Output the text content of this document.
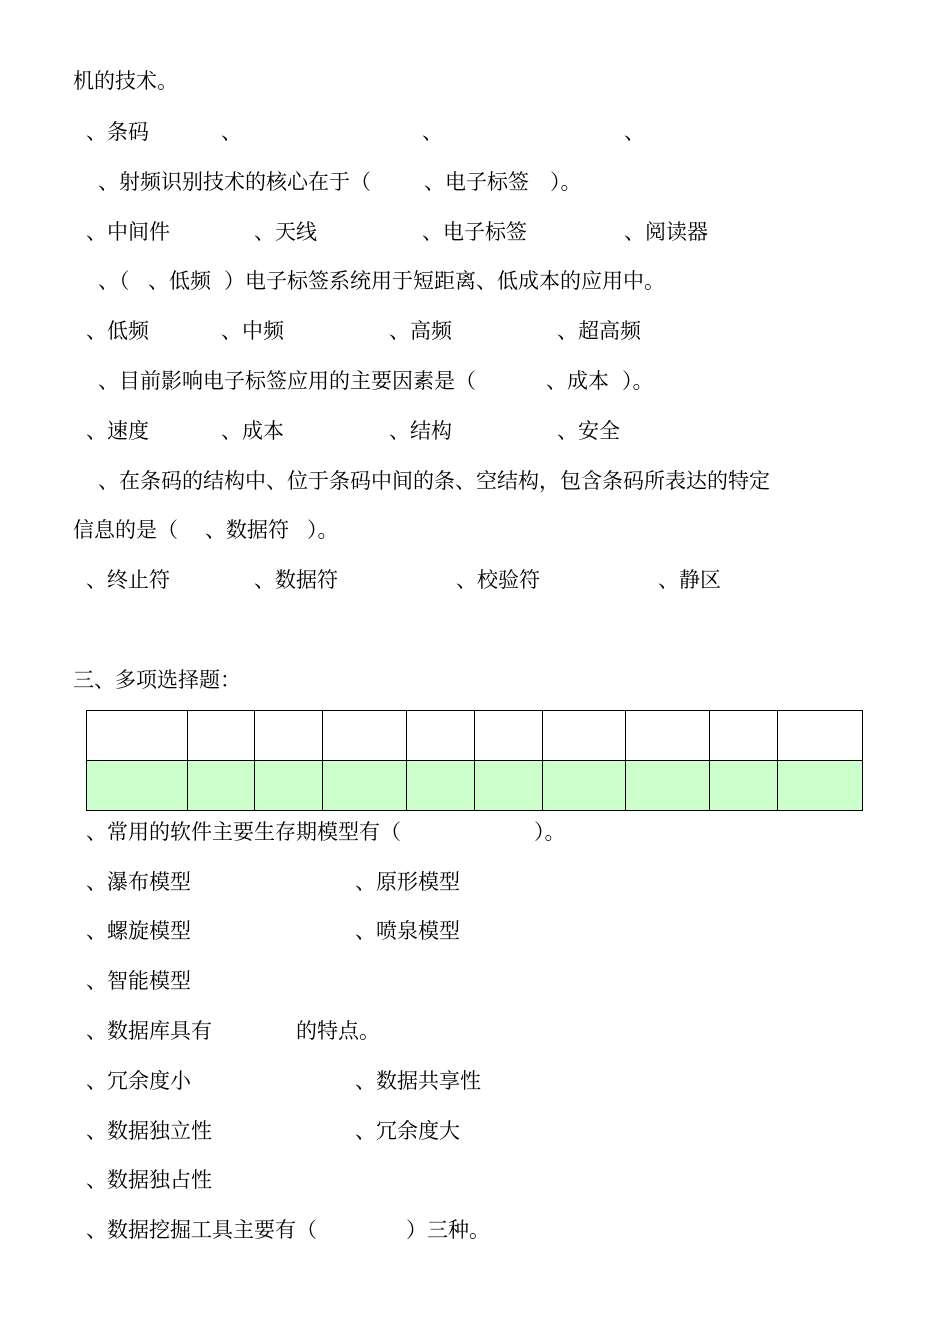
机的技术。

、条码

	、

	、

	、

、射频识别技术的核心在于（

	、电子标签

）。

、中间件

	、天线

	、电子标签

	、阅读器

、（

、低频

）电子标签系统用于短距离、低成本的应用中。

、低频

	、中频

	、高频

	、超高频

、目前影响电子标签应用的主要因素是（

	、成本

）。

、速度

	、成本

	、结构

	、安全

、在条码的结构中、位于条码中间的条、空结构，包含条码所表达的特定

信息的是（

、数据符

）。

、终止符

	、数据符

	、校验符

	、静区

三、多项选择题：

、常用的软件主要生存期模型有（

	）。

、瀑布模型

	、原形模型

、螺旋模型

	、喷泉模型

、智能模型

、数据库具有

	的特点。

、冗余度小

	、数据共享性

、数据独立性

	、冗余度大

、数据独占性

、数据挖掘工具主要有（

	）三种。
